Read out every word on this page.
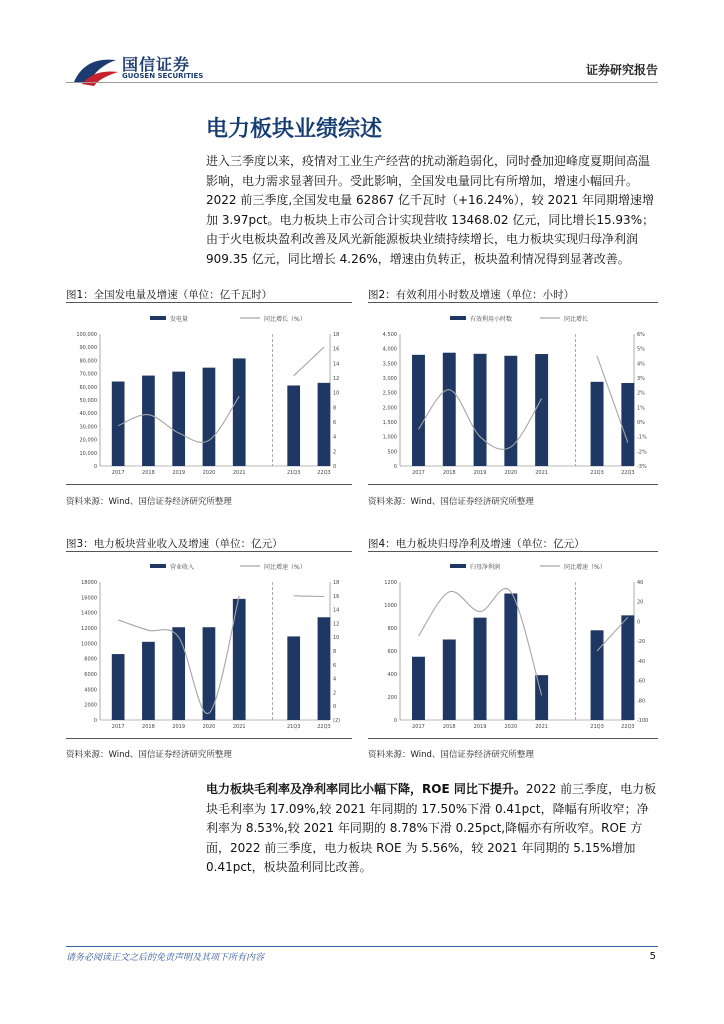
国信证券
GUOSEN SECURITIES	证券研究报告
电力板块业绩综述

进入三季度以来，疫情对工业生产经营的扰动渐趋弱化，同时叠加迎峰度夏期间高温影响，电力需求显著回升。受此影响，全国发电量同比有所增加，增速小幅回升。2022 前三季度,全国发电量 62867 亿千瓦时（+16.24%），较 2021 年同期增速增加 3.97pct。电力板块上市公司合计实现营收 13468.02 亿元，同比增长15.93%；由于火电板块盈利改善及风光新能源板块业绩持续增长，电力板块实现归母净利润 909.35 亿元，同比增长 4.26%，增速由负转正，板块盈利情况得到显著改善。

图1：全国发电量及增速（单位：亿千瓦时）
发电量	同比增长（%）
0
10,000
20,000
30,000
40,000
50,000
60,000
70,000
80,000
90,000
100,000
0
2
4
6
8
10
12
14
16
18
2017	2018	2019	2020	2021	21Q3	22Q3
资料来源：Wind、国信证券经济研究所整理
图2：有效利用小时数及增速（单位：小时）
有效利用小时数	同比增长
0
500
1,000
1,500
2,000
2,500
3,000
3,500
4,000
4,500
-3%
-2%
-1%
0%
1%
2%
3%
4%
5%
6%
2017	2018	2019	2020	2021	21Q3	22Q3
资料来源：Wind、国信证券经济研究所整理
图3：电力板块营业收入及增速（单位：亿元）
营业收入	同比增速（%）
0
2000
4000
6000
8000
10000
12000
14000
16000
18000
(2)
0
2
4
6
8
10
12
14
16
18
2017	2018	2019	2020	2021	21Q3	22Q3
资料来源：Wind、国信证券经济研究所整理
图4：电力板块归母净利及增速（单位：亿元）
归母净利润	同比增速（%）
0
200
400
600
800
1000
1200
-100
-80
-60
-40
-20
0
20
40
2017	2018	2019	2020	2021	21Q3	22Q3
资料来源：Wind、国信证券经济研究所整理

电力板块毛利率及净利率同比小幅下降，ROE 同比下提升。2022 前三季度，电力板块毛利率为 17.09%,较 2021 年同期的 17.50%下滑 0.41pct，降幅有所收窄；净利率为 8.53%,较 2021 年同期的 8.78%下滑 0.25pct,降幅亦有所收窄。ROE 方面，2022 前三季度，电力板块 ROE 为 5.56%，较 2021 年同期的 5.15%增加 0.41pct，板块盈利同比改善。

请务必阅读正文之后的免责声明及其项下所有内容	5
